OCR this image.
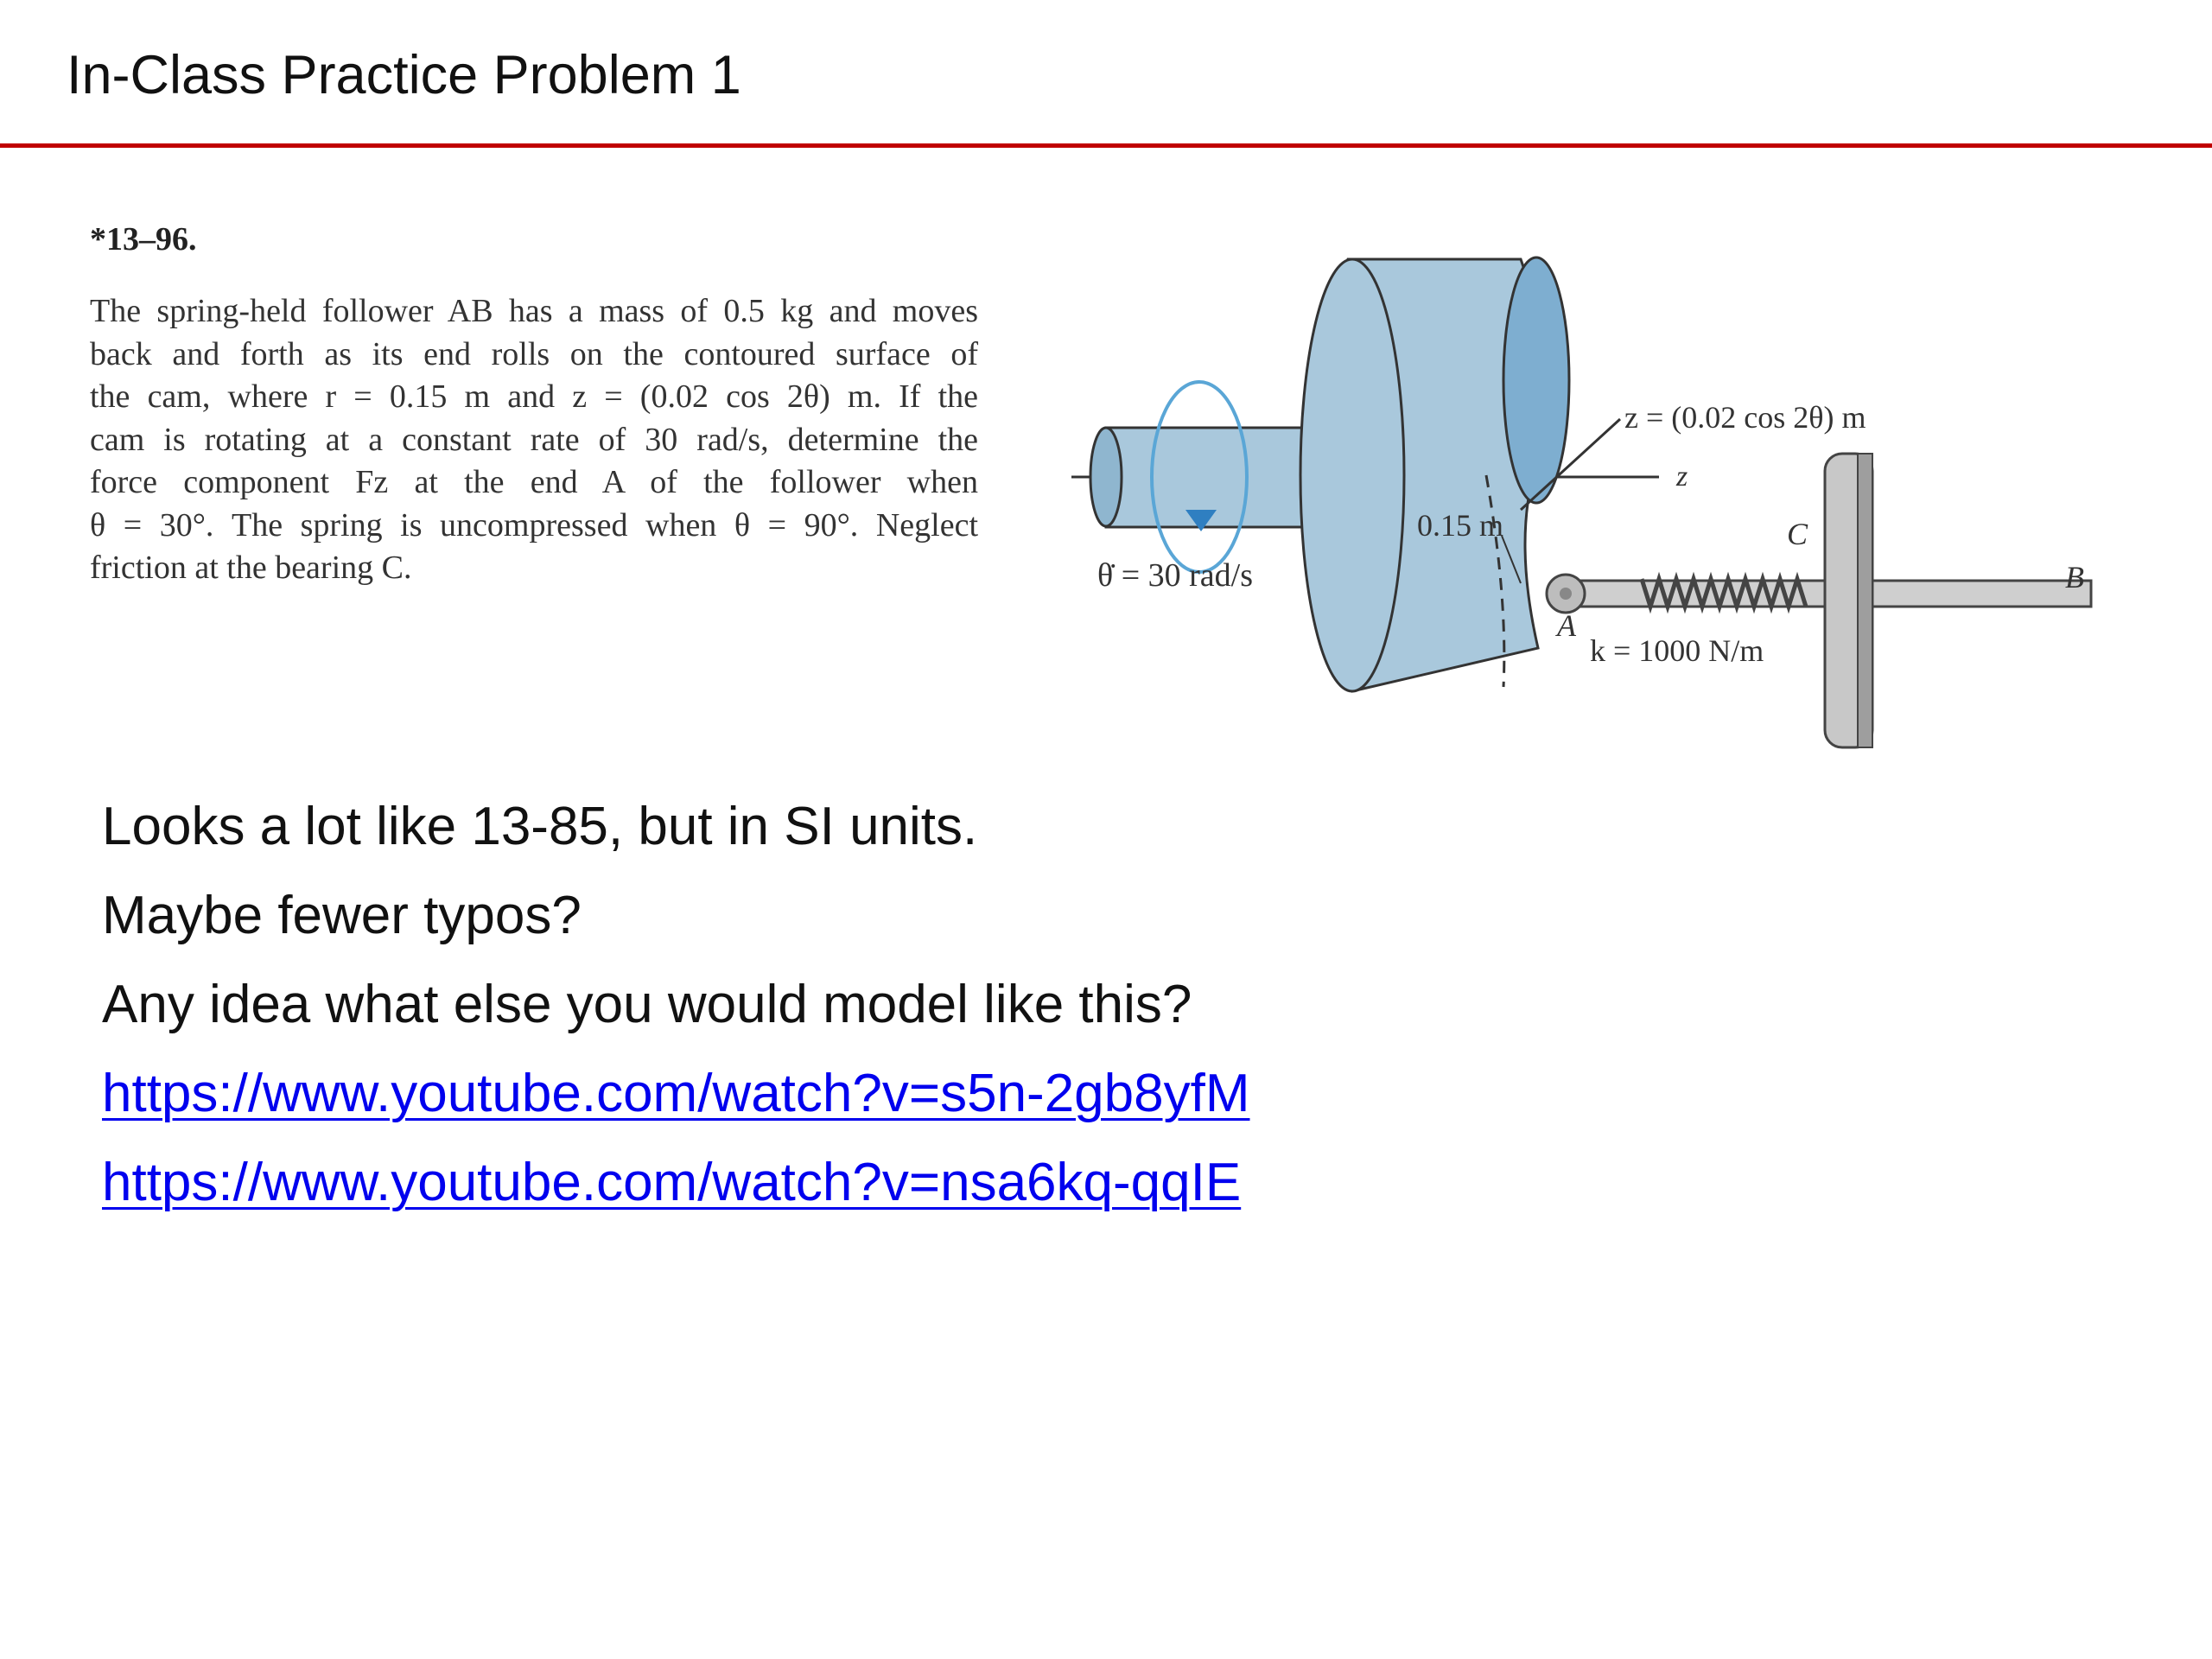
In-Class Practice Problem 1
*13–96.
The spring-held follower AB has a mass of 0.5 kg and moves
back and forth as its end rolls on the contoured surface of
the cam, where r = 0.15 m and z = (0.02 cos 2θ) m. If the
cam is rotating at a constant rate of 30 rad/s, determine the
force component Fz at the end A of the follower when
θ = 30°. The spring is uncompressed when θ = 90°. Neglect
friction at the bearing C.
z = (0.02 cos 2θ) m
z
0.15 m
θ̇ = 30 rad/s
A
C
B
k = 1000 N/m
Looks a lot like 13-85, but in SI units.
Maybe fewer typos?
Any idea what else you would model like this?
https://www.youtube.com/watch?v=s5n-2gb8yfM
https://www.youtube.com/watch?v=nsa6kq-qqIE
